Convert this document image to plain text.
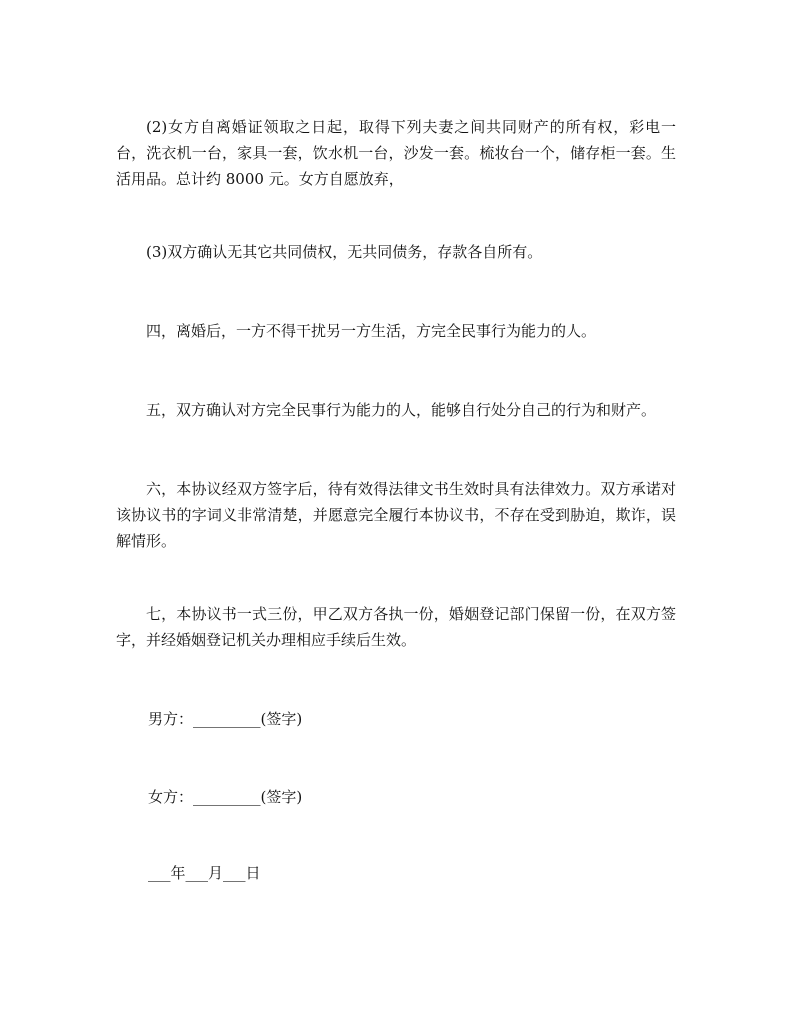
(2)女方自离婚证领取之日起，取得下列夫妻之间共同财产的所有权，彩电一台，洗衣机一台，家具一套，饮水机一台，沙发一套。梳妆台一个，储存柜一套。生活用品。总计约 8000 元。女方自愿放弃，

(3)双方确认无其它共同债权，无共同债务，存款各自所有。

四，离婚后，一方不得干扰另一方生活，方完全民事行为能力的人。

五，双方确认对方完全民事行为能力的人，能够自行处分自己的行为和财产。

六，本协议经双方签字后，待有效得法律文书生效时具有法律效力。双方承诺对该协议书的字词义非常清楚，并愿意完全履行本协议书，不存在受到胁迫，欺诈，误解情形。

七，本协议书一式三份，甲乙双方各执一份，婚姻登记部门保留一份，在双方签字，并经婚姻登记机关办理相应手续后生效。

男方：_________(签字)

女方：_________(签字)

___年___月___日
